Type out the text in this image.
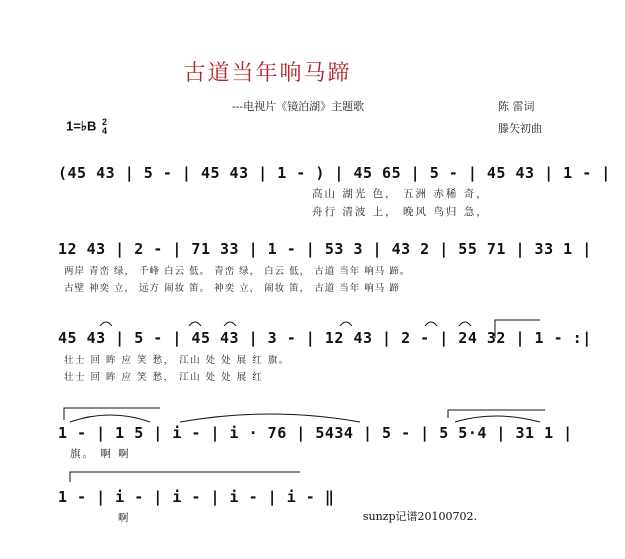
古道当年响马蹄
---电视片《镜泊湖》主题歌	陈 雷词
滕矢初曲
1=♭B 2
4
(45 43 | 5 - | 45 43 | 1 - ) | 45 65 | 5 - | 45 43 | 1 - |
高山 湖光 色， 五洲 赤稀 奇，
舟行 清波 上， 晚风 鸟归 急，
12 43 | 2 - | 71 33 | 1 - | 53 3 | 43 2 | 55 71 | 33 1 |
两岸 青峦 绿， 千峰 白云 低。 青峦 绿， 白云 低， 古道 当年 响马 蹄。
古壁 神奕 立， 远方 闹妆 笛。 神奕 立， 闹妆 笛， 古道 当年 响马 蹄
45 43 | 5 - | 45 43 | 3 - | 12 43 | 2 - | 24 32 | 1 - :|
壮士 回 眸 应 笑 愁， 江山 处 处 展 红 旗。
壮士 回 眸 应 笑 愁， 江山 处 处 展 红
1 - | 1 5 | i - | i · 76 | 5434 | 5 - | 5 5·4 | 31 1 |
旗。 啊 啊
1 - | i - | i - | i - | i - ‖
啊	sunzp记谱20100702.
